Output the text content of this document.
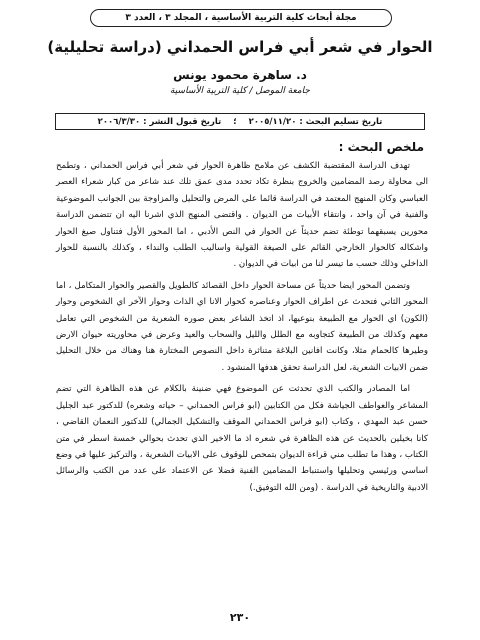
مجلة أبحاث كلية التربية الأساسية ، المجلد ٣ ، العدد ٣
الحوار في شعر أبي فراس الحمداني (دراسة تحليلية)
د. ساهرة محمود يونس
جامعة الموصل / كلية التربية الأساسية
تاريخ تسليم البحث : ٢٠٠٥/١١/٢٠
؛
تاريخ قبول النشر : ٢٠٠٦/٣/٣٠
ملخص البحث :

تهدف الدراسة المقتضبة الكشف عن ملامح ظاهرة الحوار في شعر أبي فراس الحمداني ، وتطمح الى محاولة رصد المضامين والخروج بنظرة تكاد تحدد مدى عمق تلك عند شاعر من كبار شعراء العصر العباسي وكان المنهج المعتمد في الدراسة قائما على المرض والتحليل والمزاوجة بين الجوانب الموضوعية والفنية في آن واحد ، وانتقاء الأبيات من الديوان . واقتضى المنهج الذي اشرنا اليه ان تتضمن الدراسة محورين يسبقهما توطئة تضم حديثاً عن الحوار في النص الأدبي ، اما المحور الأول فتناول صيغ الحوار واشكاله كالحوار الخارجي القائم على الصيغة القولية واساليب الطلب والنداء ، وكذلك بالنسبة للحوار الداخلي وذلك حسب ما تيسر لنا من ابيات في الديوان .

وتضمن المحور ايضا حديثاً عن مساحة الحوار داخل القصائد كالطويل والقصير والحوار المتكامل ، اما المحور الثاني فتحدث عن اطراف الحوار وعناصره كحوار الانا اي الذات وحوار الآخر اي الشخوص وحوار (الكون) اي الحوار مع الطبيعة بنوعيها، اذ اتخذ الشاعر بعض صوره الشعرية من الشخوص التي تعامل معهم وكذلك من الطبيعة كتجاوبه مع الطلل والليل والسحاب والعيد وعرض في محاوريته حيوان الارض وطيرها كالحمام مثلا، وكانت افانين البلاغة متناثرة داخل النصوص المختارة هنا وهناك من خلال التحليل ضمن الابيات الشعرية، لعل الدراسة تحقق هدفها المنشود .

اما المصادر والكتب الذي تحدثت عن الموضوع فهي ضنينة بالكلام عن هذه الظاهرة التي تضم المشاعر والعواطف الجياشة فكل من الكتابين (ابو فراس الحمداني – حياته وشعره) للدكتور عبد الجليل حسن عبد المهدي ، وكتاب (ابو فراس الحمداني الموقف والتشكيل الجمالي) للدكتور النعمان القاضي ، كانا بخيلين بالحديث عن هذه الظاهرة في شعره اذ ما الاخير الذي تحدث بحوالي خمسة اسطر في متن الكتاب ، وهذا ما تطلب مني قراءة الديوان بتمحص للوقوف على الابيات الشعرية ، والتركيز عليها في وضع اساسي ورئيسي وتحليلها واستنباط المضامين الفنية فضلا عن الاعتماد على عدد من الكتب والرسائل الادبية والتاريخية في الدراسة . (ومن الله التوفيق.)

٢٣٠
